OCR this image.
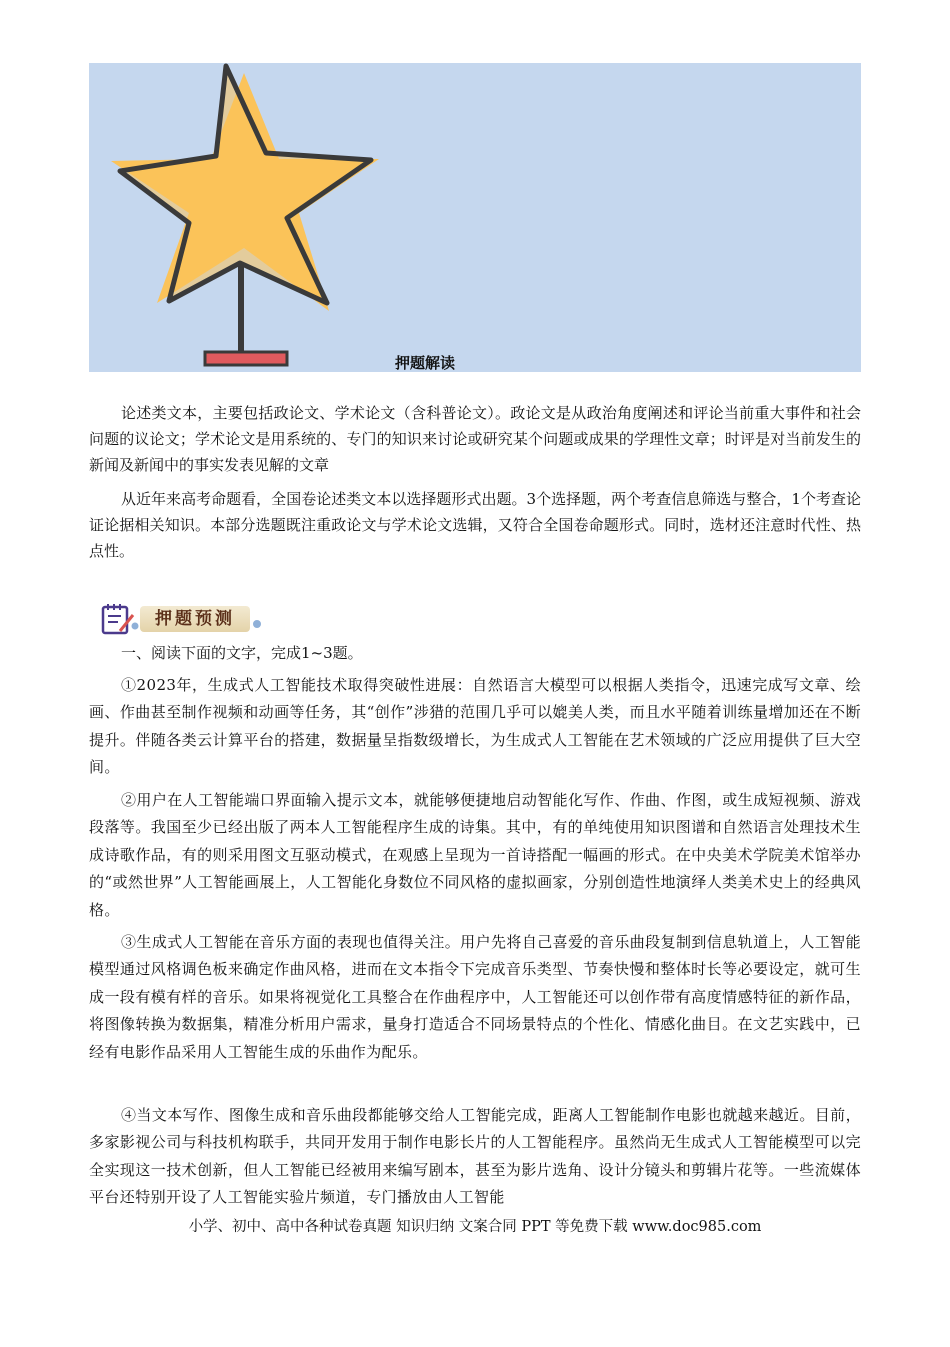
押题解读

论述类文本，主要包括政论文、学术论文（含科普论文）。政论文是从政治角度阐述和评论当前重大事件和社会问题的议论文；学术论文是用系统的、专门的知识来讨论或研究某个问题或成果的学理性文章；时评是对当前发生的新闻及新闻中的事实发表见解的文章

从近年来高考命题看，全国卷论述类文本以选择题形式出题。3个选择题，两个考查信息筛选与整合，1个考查论证论据相关知识。本部分选题既注重政论文与学术论文选辑，又符合全国卷命题形式。同时，选材还注意时代性、热点性。

押题预测
一、阅读下面的文字，完成1~3题。

①2023年，生成式人工智能技术取得突破性进展：自然语言大模型可以根据人类指令，迅速完成写文章、绘画、作曲甚至制作视频和动画等任务，其“创作”涉猎的范围几乎可以媲美人类，而且水平随着训练量增加还在不断提升。伴随各类云计算平台的搭建，数据量呈指数级增长，为生成式人工智能在艺术领域的广泛应用提供了巨大空间。

②用户在人工智能端口界面输入提示文本，就能够便捷地启动智能化写作、作曲、作图，或生成短视频、游戏段落等。我国至少已经出版了两本人工智能程序生成的诗集。其中，有的单纯使用知识图谱和自然语言处理技术生成诗歌作品，有的则采用图文互驱动模式，在观感上呈现为一首诗搭配一幅画的形式。在中央美术学院美术馆举办的“或然世界”人工智能画展上，人工智能化身数位不同风格的虚拟画家，分别创造性地演绎人类美术史上的经典风格。

③生成式人工智能在音乐方面的表现也值得关注。用户先将自己喜爱的音乐曲段复制到信息轨道上，人工智能模型通过风格调色板来确定作曲风格，进而在文本指令下完成音乐类型、节奏快慢和整体时长等必要设定，就可生成一段有模有样的音乐。如果将视觉化工具整合在作曲程序中，人工智能还可以创作带有高度情感特征的新作品，将图像转换为数据集，精准分析用户需求，量身打造适合不同场景特点的个性化、情感化曲目。在文艺实践中，已经有电影作品采用人工智能生成的乐曲作为配乐。

④当文本写作、图像生成和音乐曲段都能够交给人工智能完成，距离人工智能制作电影也就越来越近。目前，多家影视公司与科技机构联手，共同开发用于制作电影长片的人工智能程序。虽然尚无生成式人工智能模型可以完全实现这一技术创新，但人工智能已经被用来编写剧本，甚至为影片选角、设计分镜头和剪辑片花等。一些流媒体平台还特别开设了人工智能实验片频道，专门播放由人工智能

小学、初中、高中各种试卷真题 知识归纳 文案合同 PPT 等免费下载 www.doc985.com
